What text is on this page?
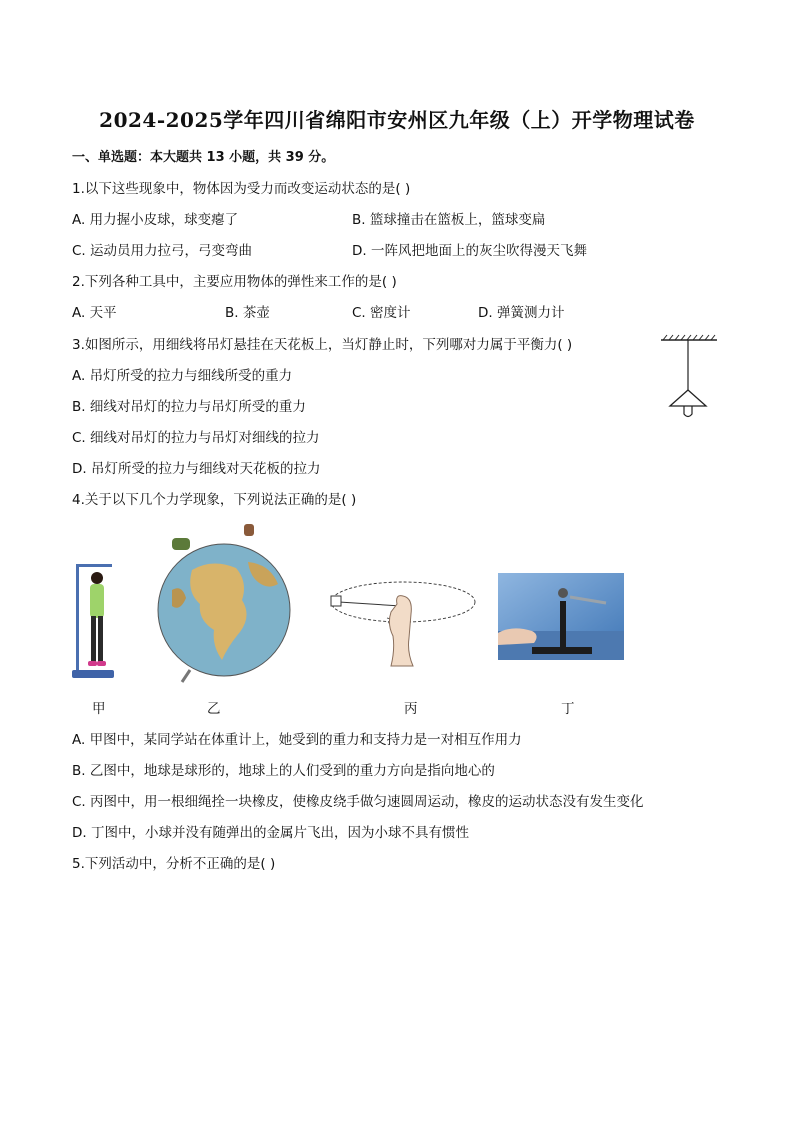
2024-2025学年四川省绵阳市安州区九年级（上）开学物理试卷
一、单选题：本大题共 13 小题，共 39 分。
1.以下这些现象中，物体因为受力而改变运动状态的是( )
A. 用力握小皮球，球变瘪了	B. 篮球撞击在篮板上，篮球变扁
C. 运动员用力拉弓，弓变弯曲	D. 一阵风把地面上的灰尘吹得漫天飞舞
2.下列各种工具中，主要应用物体的弹性来工作的是( )
A. 天平	B. 茶壶	C. 密度计	D. 弹簧测力计
3.如图所示，用细线将吊灯悬挂在天花板上，当灯静止时，下列哪对力属于平衡力( )
A. 吊灯所受的拉力与细线所受的重力
B. 细线对吊灯的拉力与吊灯所受的重力
C. 细线对吊灯的拉力与吊灯对细线的拉力
D. 吊灯所受的拉力与细线对天花板的拉力
4.关于以下几个力学现象，下列说法正确的是( )
甲	乙	丙	丁
A. 甲图中，某同学站在体重计上，她受到的重力和支持力是一对相互作用力
B. 乙图中，地球是球形的，地球上的人们受到的重力方向是指向地心的
C. 丙图中，用一根细绳拴一块橡皮，使橡皮绕手做匀速圆周运动，橡皮的运动状态没有发生变化
D. 丁图中，小球并没有随弹出的金属片飞出，因为小球不具有惯性
5.下列活动中，分析不正确的是( )
